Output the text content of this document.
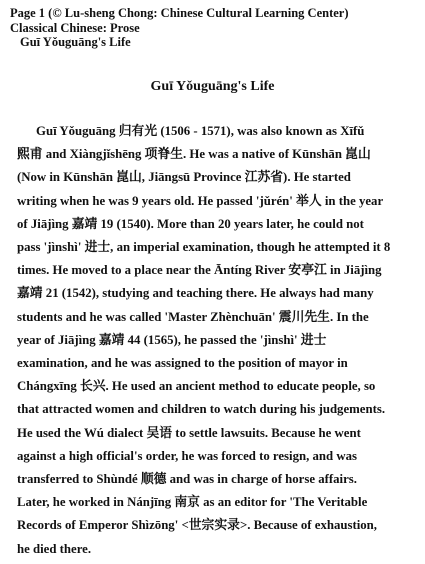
Page 1 (© Lu-sheng Chong: Chinese Cultural Learning Center)
Classical Chinese: Prose
Guī Yǒuguāng's Life
Guī Yǒuguāng's Life
Guī Yǒuguāng 归有光 (1506 - 1571), was also known as Xīfǔ
熙甫 and Xiàngjǐshēng 项脊生. He was a native of Kūnshān 崑山
(Now in Kūnshān 崑山, Jiāngsū Province 江苏省). He started
writing when he was 9 years old. He passed 'jǔrén' 举人 in the year
of Jiājìng 嘉靖 19 (1540). More than 20 years later, he could not
pass 'jìnshì' 进士, an imperial examination, though he attempted it 8
times. He moved to a place near the Āntíng River 安亭江 in Jiājìng
嘉靖 21 (1542), studying and teaching there. He always had many
students and he was called 'Master Zhènchuān' 震川先生. In the
year of Jiājìng 嘉靖 44 (1565), he passed the 'jìnshì' 进士
examination, and he was assigned to the position of mayor in
Chángxīng 长兴. He used an ancient method to educate people, so
that attracted women and children to watch during his judgements.
He used the Wú dialect 吴语 to settle lawsuits. Because he went
against a high official's order, he was forced to resign, and was
transferred to Shùndé 顺德 and was in charge of horse affairs.
Later, he worked in Nánjīng 南京 as an editor for 'The Veritable
Records of Emperor Shìzōng' <世宗实录>. Because of exhaustion,
he died there.
